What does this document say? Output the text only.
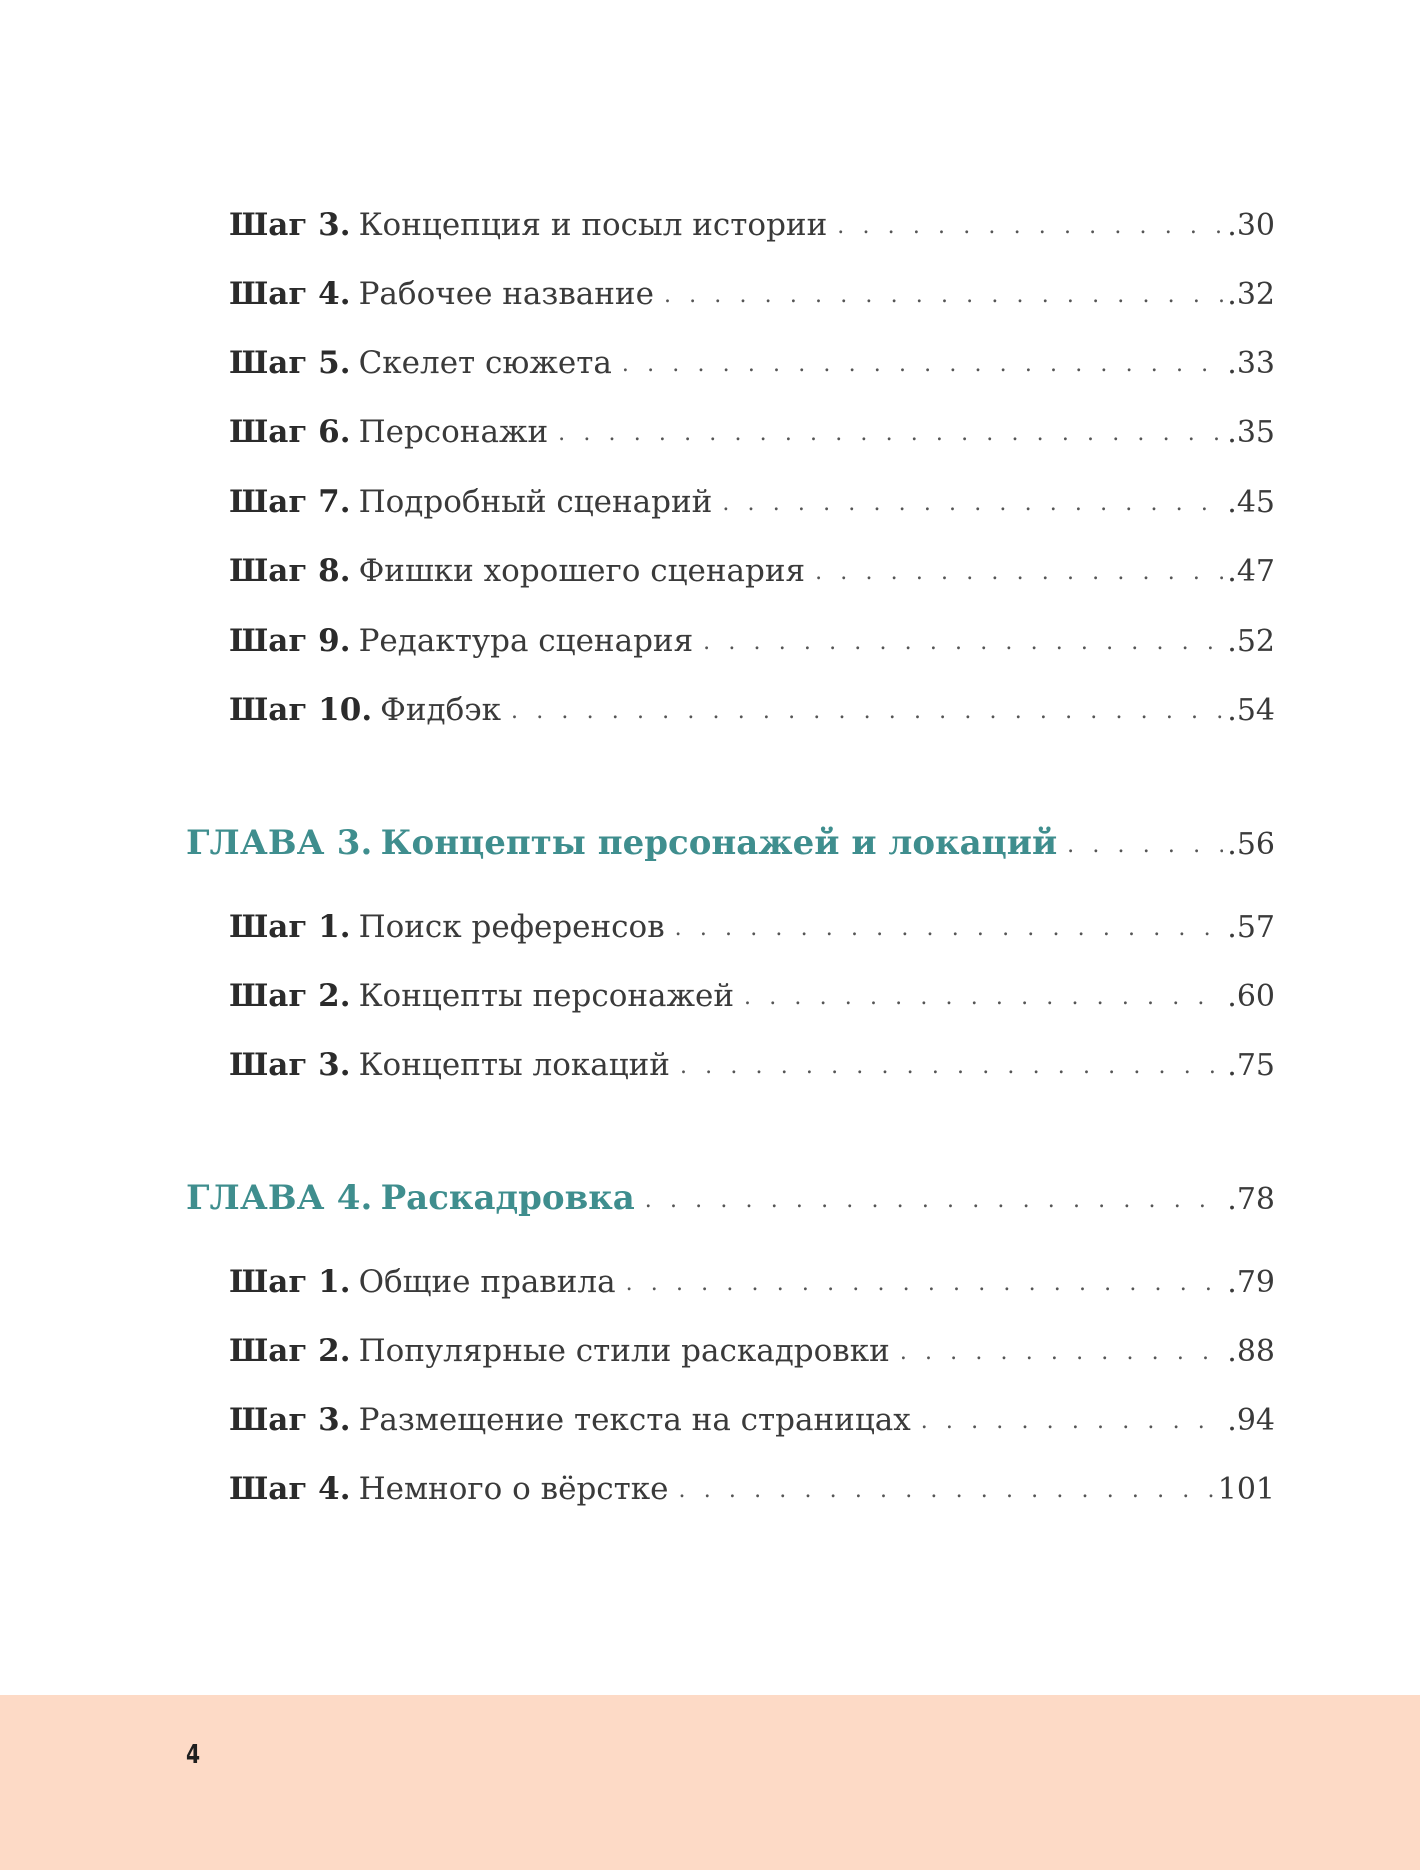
Шаг 3. Концепция и посыл истории . . .	.30
Шаг 4. Рабочее название . . .	.32
Шаг 5. Скелет сюжета . . .	.33
Шаг 6. Персонажи . . .	.35
Шаг 7. Подробный сценарий . . .	.45
Шаг 8. Фишки хорошего сценария . . .	.47
Шаг 9. Редактура сценария . . .	.52
Шаг 10. Фидбэк . . .	.54
ГЛАВА 3. Концепты персонажей и локаций . . .	.56
Шаг 1. Поиск референсов . . .	.57
Шаг 2. Концепты персонажей . . .	.60
Шаг 3. Концепты локаций . . .	.75
ГЛАВА 4. Раскадровка . . .	.78
Шаг 1. Общие правила . . .	.79
Шаг 2. Популярные стили раскадровки . . .	.88
Шаг 3. Размещение текста на страницах . . .	.94
Шаг 4. Немного о вёрстке . . .	101
4
